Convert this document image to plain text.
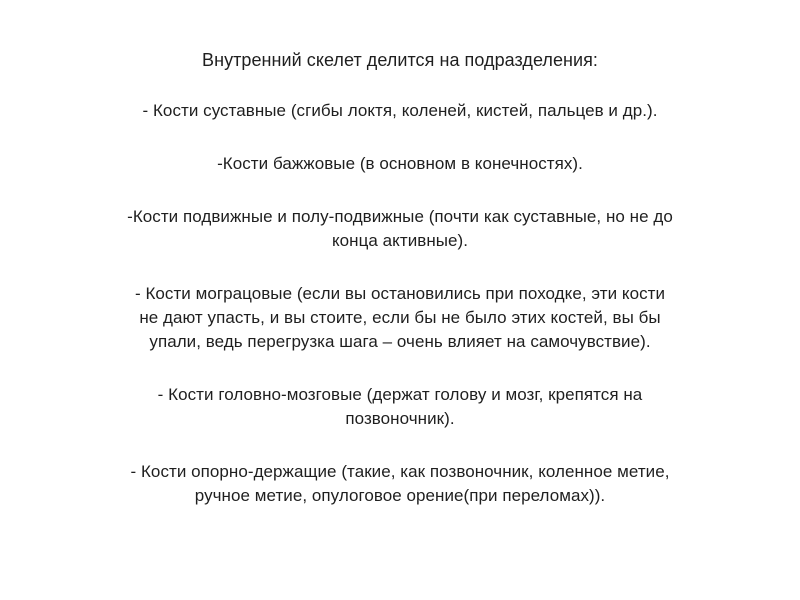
Внутренний скелет делится на подразделения:

- Кости суставные (сгибы локтя, коленей, кистей, пальцев и др.).

-Кости бажжовые (в основном в конечностях).

-Кости подвижные и полу-подвижные (почти как суставные, но не до
конца активные).

- Кости мограцовые (если вы остановились при походке, эти кости
не дают упасть, и вы стоите, если бы не было этих костей, вы бы
упали, ведь перегрузка шага – очень влияет на самочувствие).

- Кости головно-мозговые (держат голову и мозг, крепятся на
позвоночник).

- Кости опорно-держащие (такие, как позвоночник, коленное метие,
ручное метие, опулоговое орение(при переломах)).
